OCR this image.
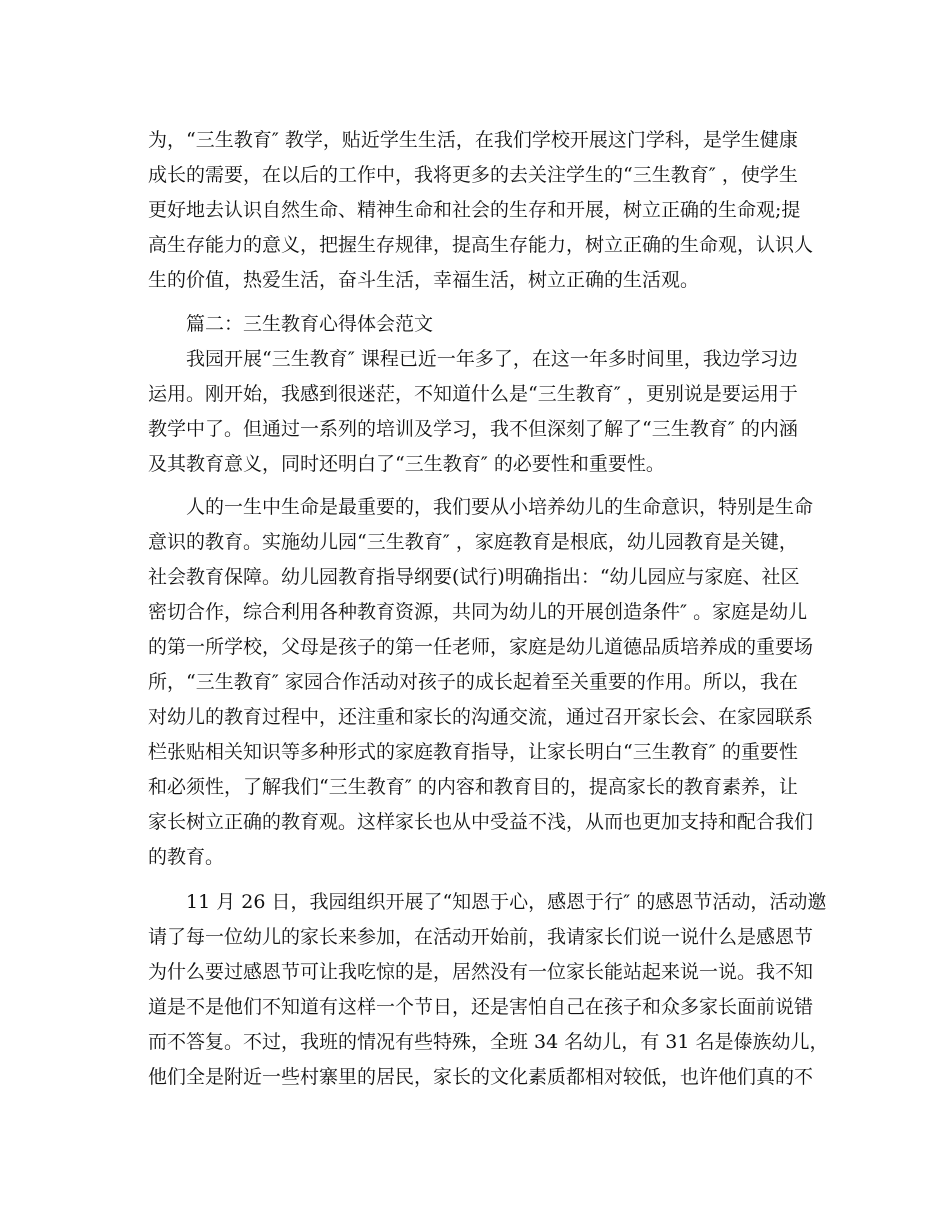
为，“三生教育″ 教学，贴近学生生活，在我们学校开展这门学科，是学生健康

成长的需要，在以后的工作中，我将更多的去关注学生的“三生教育″ ，使学生

更好地去认识自然生命、精神生命和社会的生存和开展，树立正确的生命观;提

高生存能力的意义，把握生存规律，提高生存能力，树立正确的生命观，认识人

生的价值，热爱生活，奋斗生活，幸福生活，树立正确的生活观。

篇二：三生教育心得体会范文

我园开展“三生教育″ 课程已近一年多了，在这一年多时间里，我边学习边

运用。刚开始，我感到很迷茫，不知道什么是“三生教育″ ，更别说是要运用于

教学中了。但通过一系列的培训及学习，我不但深刻了解了“三生教育″ 的内涵

及其教育意义，同时还明白了“三生教育″ 的必要性和重要性。

人的一生中生命是最重要的，我们要从小培养幼儿的生命意识，特别是生命

意识的教育。实施幼儿园“三生教育″ ，家庭教育是根底，幼儿园教育是关键，

社会教育保障。幼儿园教育指导纲要(试行)明确指出：“幼儿园应与家庭、社区

密切合作，综合利用各种教育资源，共同为幼儿的开展创造条件″ 。家庭是幼儿

的第一所学校，父母是孩子的第一任老师，家庭是幼儿道德品质培养成的重要场

所，“三生教育″ 家园合作活动对孩子的成长起着至关重要的作用。所以，我在

对幼儿的教育过程中，还注重和家长的沟通交流，通过召开家长会、在家园联系

栏张贴相关知识等多种形式的家庭教育指导，让家长明白“三生教育″ 的重要性

和必须性，了解我们“三生教育″ 的内容和教育目的，提高家长的教育素养，让

家长树立正确的教育观。这样家长也从中受益不浅，从而也更加支持和配合我们

的教育。

11 月 26 日，我园组织开展了“知恩于心，感恩于行″ 的感恩节活动，活动邀

请了每一位幼儿的家长来参加，在活动开始前，我请家长们说一说什么是感恩节

为什么要过感恩节可让我吃惊的是，居然没有一位家长能站起来说一说。我不知

道是不是他们不知道有这样一个节日，还是害怕自己在孩子和众多家长面前说错

而不答复。不过，我班的情况有些特殊，全班 34 名幼儿，有 31 名是傣族幼儿，

他们全是附近一些村寨里的居民，家长的文化素质都相对较低，也许他们真的不
